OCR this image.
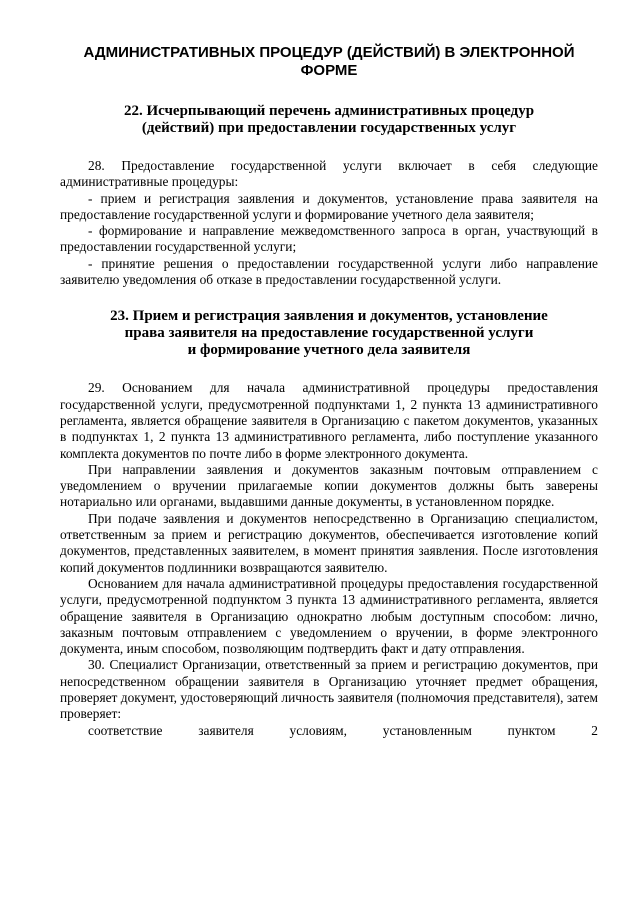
АДМИНИСТРАТИВНЫХ ПРОЦЕДУР (ДЕЙСТВИЙ) В ЭЛЕКТРОННОЙ
ФОРМЕ
22. Исчерпывающий перечень административных процедур
(действий) при предоставлении государственных услуг

28. Предоставление государственной услуги включает в себя следующие административные процедуры:

- прием и регистрация заявления и документов, установление права заявителя на предоставление государственной услуги и формирование учетного дела заявителя;

- формирование и направление межведомственного запроса в орган, участвующий в предоставлении государственной услуги;

- принятие решения о предоставлении государственной услуги либо направление заявителю уведомления об отказе в предоставлении государственной услуги.

23. Прием и регистрация заявления и документов, установление
права заявителя на предоставление государственной услуги
и формирование учетного дела заявителя

29. Основанием для начала административной процедуры предоставления государственной услуги, предусмотренной подпунктами 1, 2 пункта 13 административного регламента, является обращение заявителя в Организацию с пакетом документов, указанных в подпунктах 1, 2 пункта 13 административного регламента, либо поступление указанного комплекта документов по почте либо в форме электронного документа.

При направлении заявления и документов заказным почтовым отправлением с уведомлением о вручении прилагаемые копии документов должны быть заверены нотариально или органами, выдавшими данные документы, в установленном порядке.

При подаче заявления и документов непосредственно в Организацию специалистом, ответственным за прием и регистрацию документов, обеспечивается изготовление копий документов, представленных заявителем, в момент принятия заявления. После изготовления копий документов подлинники возвращаются заявителю.

Основанием для начала административной процедуры предоставления государственной услуги, предусмотренной подпунктом 3 пункта 13 административного регламента, является обращение заявителя в Организацию однократно любым доступным способом: лично, заказным почтовым отправлением с уведомлением о вручении, в форме электронного документа, иным способом, позволяющим подтвердить факт и дату отправления.

30. Специалист Организации, ответственный за прием и регистрацию документов, при непосредственном обращении заявителя в Организацию уточняет предмет обращения, проверяет документ, удостоверяющий личность заявителя (полномочия представителя), затем проверяет:

соответствие заявителя условиям, установленным пунктом 2
